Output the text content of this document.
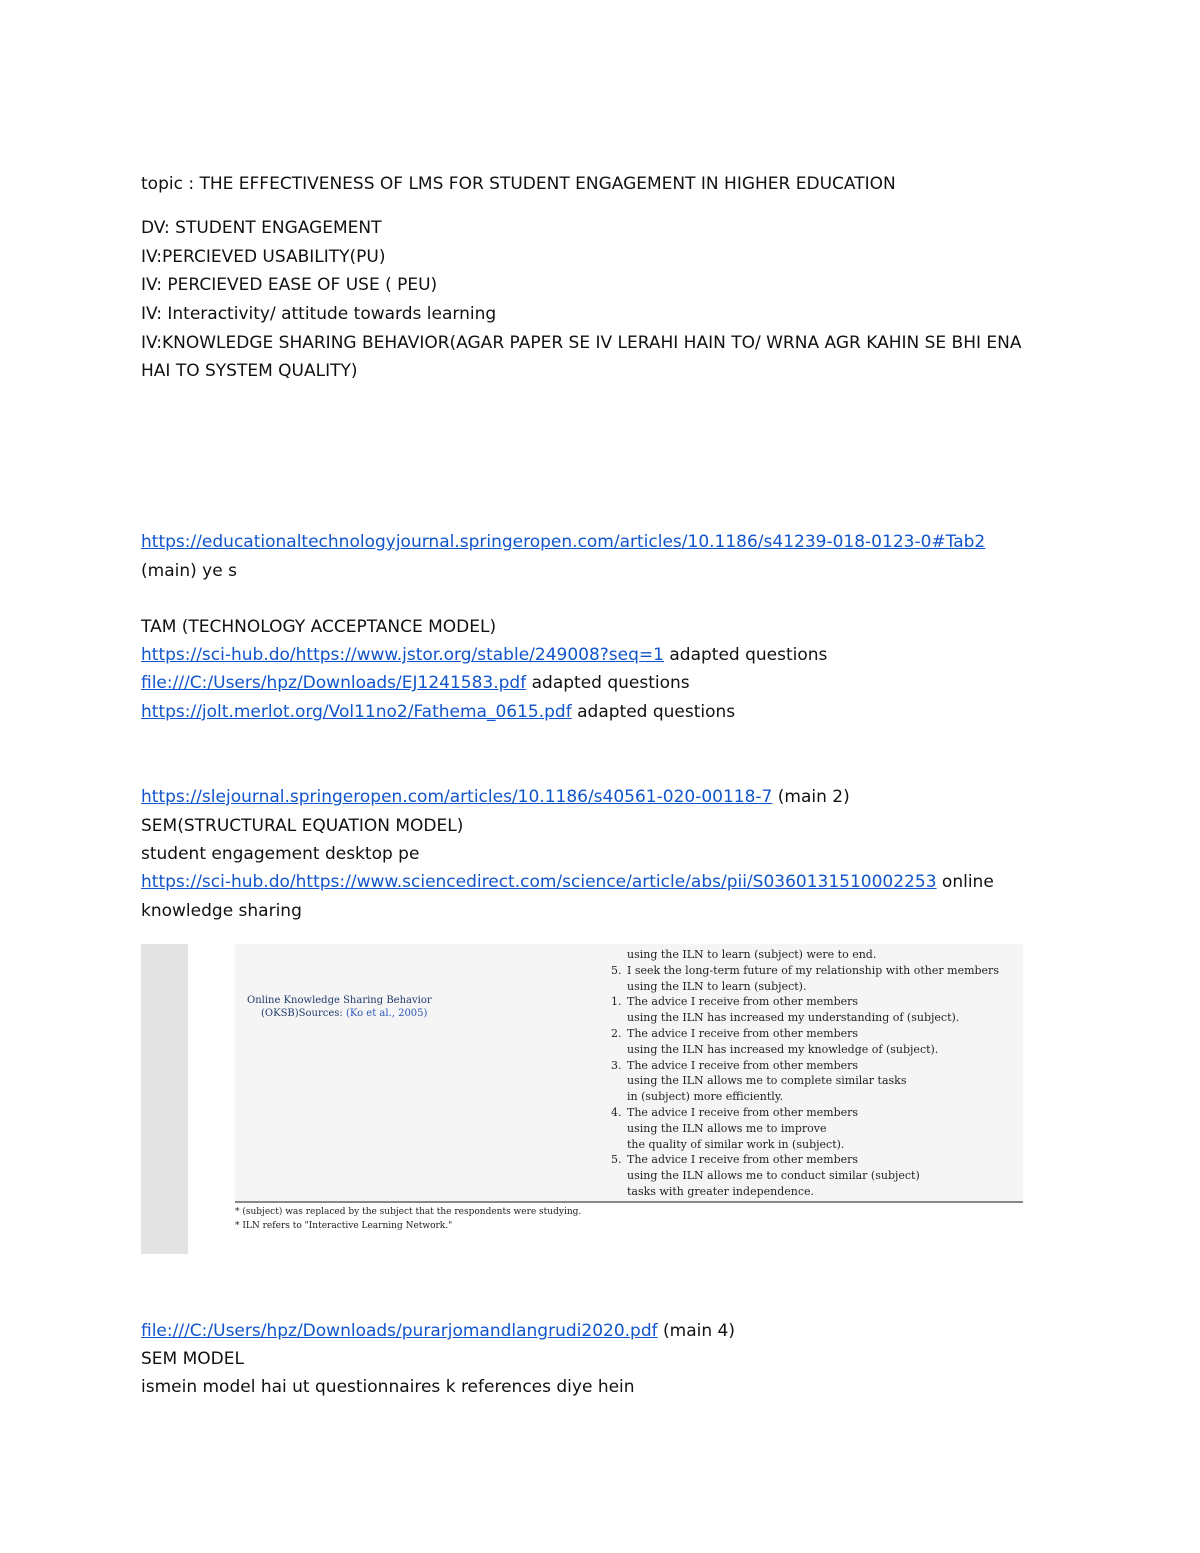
topic : THE EFFECTIVENESS OF LMS FOR STUDENT ENGAGEMENT IN HIGHER EDUCATION
DV: STUDENT ENGAGEMENT
IV:PERCIEVED USABILITY(PU)
IV: PERCIEVED EASE OF USE ( PEU)
IV: Interactivity/ attitude towards learning
IV:KNOWLEDGE SHARING BEHAVIOR(AGAR PAPER SE IV LERAHI HAIN TO/ WRNA AGR KAHIN SE BHI ENA
HAI TO SYSTEM QUALITY)
https://educationaltechnologyjournal.springeropen.com/articles/10.1186/s41239-018-0123-0#Tab2
(main) ye s
TAM (TECHNOLOGY ACCEPTANCE MODEL)
https://sci-hub.do/https://www.jstor.org/stable/249008?seq=1 adapted questions
file:///C:/Users/hpz/Downloads/EJ1241583.pdf adapted questions
https://jolt.merlot.org/Vol11no2/Fathema_0615.pdf adapted questions
https://slejournal.springeropen.com/articles/10.1186/s40561-020-00118-7 (main 2)
SEM(STRUCTURAL EQUATION MODEL)
student engagement desktop pe
https://sci-hub.do/https://www.sciencedirect.com/science/article/abs/pii/S0360131510002253 online
knowledge sharing
Online Knowledge Sharing Behavior
(OKSB)Sources: (Ko et al., 2005)
using the ILN to learn (subject) were to end.
5. I seek the long-term future of my relationship with other members
using the ILN to learn (subject).
1. The advice I receive from other members
using the ILN has increased my understanding of (subject).
2. The advice I receive from other members
using the ILN has increased my knowledge of (subject).
3. The advice I receive from other members
using the ILN allows me to complete similar tasks
in (subject) more efficiently.
4. The advice I receive from other members
using the ILN allows me to improve
the quality of similar work in (subject).
5. The advice I receive from other members
using the ILN allows me to conduct similar (subject)
tasks with greater independence.
* (subject) was replaced by the subject that the respondents were studying.
* ILN refers to "Interactive Learning Network."
file:///C:/Users/hpz/Downloads/purarjomandlangrudi2020.pdf (main 4)
SEM MODEL
ismein model hai ut questionnaires k references diye hein
